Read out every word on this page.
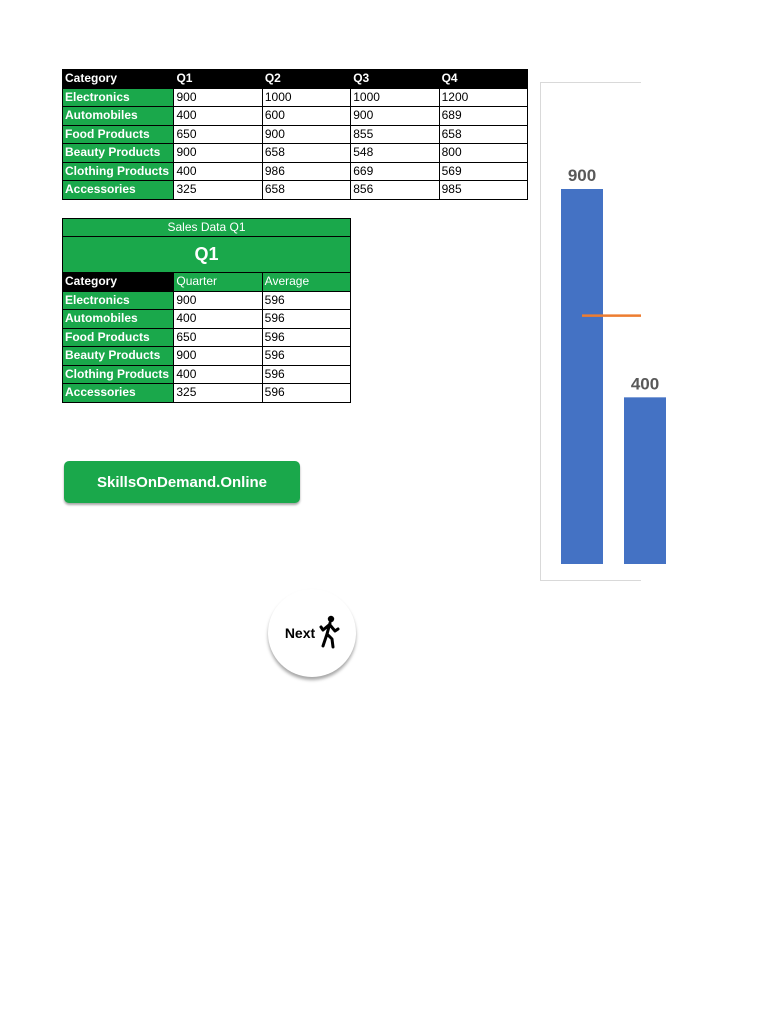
Category	Q1	Q2	Q3	Q4
Electronics	900	1000	1000	1200
Automobiles	400	600	900	689
Food Products	650	900	855	658
Beauty Products	900	658	548	800
Clothing Products	400	986	669	569
Accessories	325	658	856	985
Sales Data Q1		
Q1		
Category	Quarter	Average
Electronics	900	596
Automobiles	400	596
Food Products	650	596
Beauty Products	900	596
Clothing Products	400	596
Accessories	325	596
SkillsOnDemand.Online
Next
900
400
